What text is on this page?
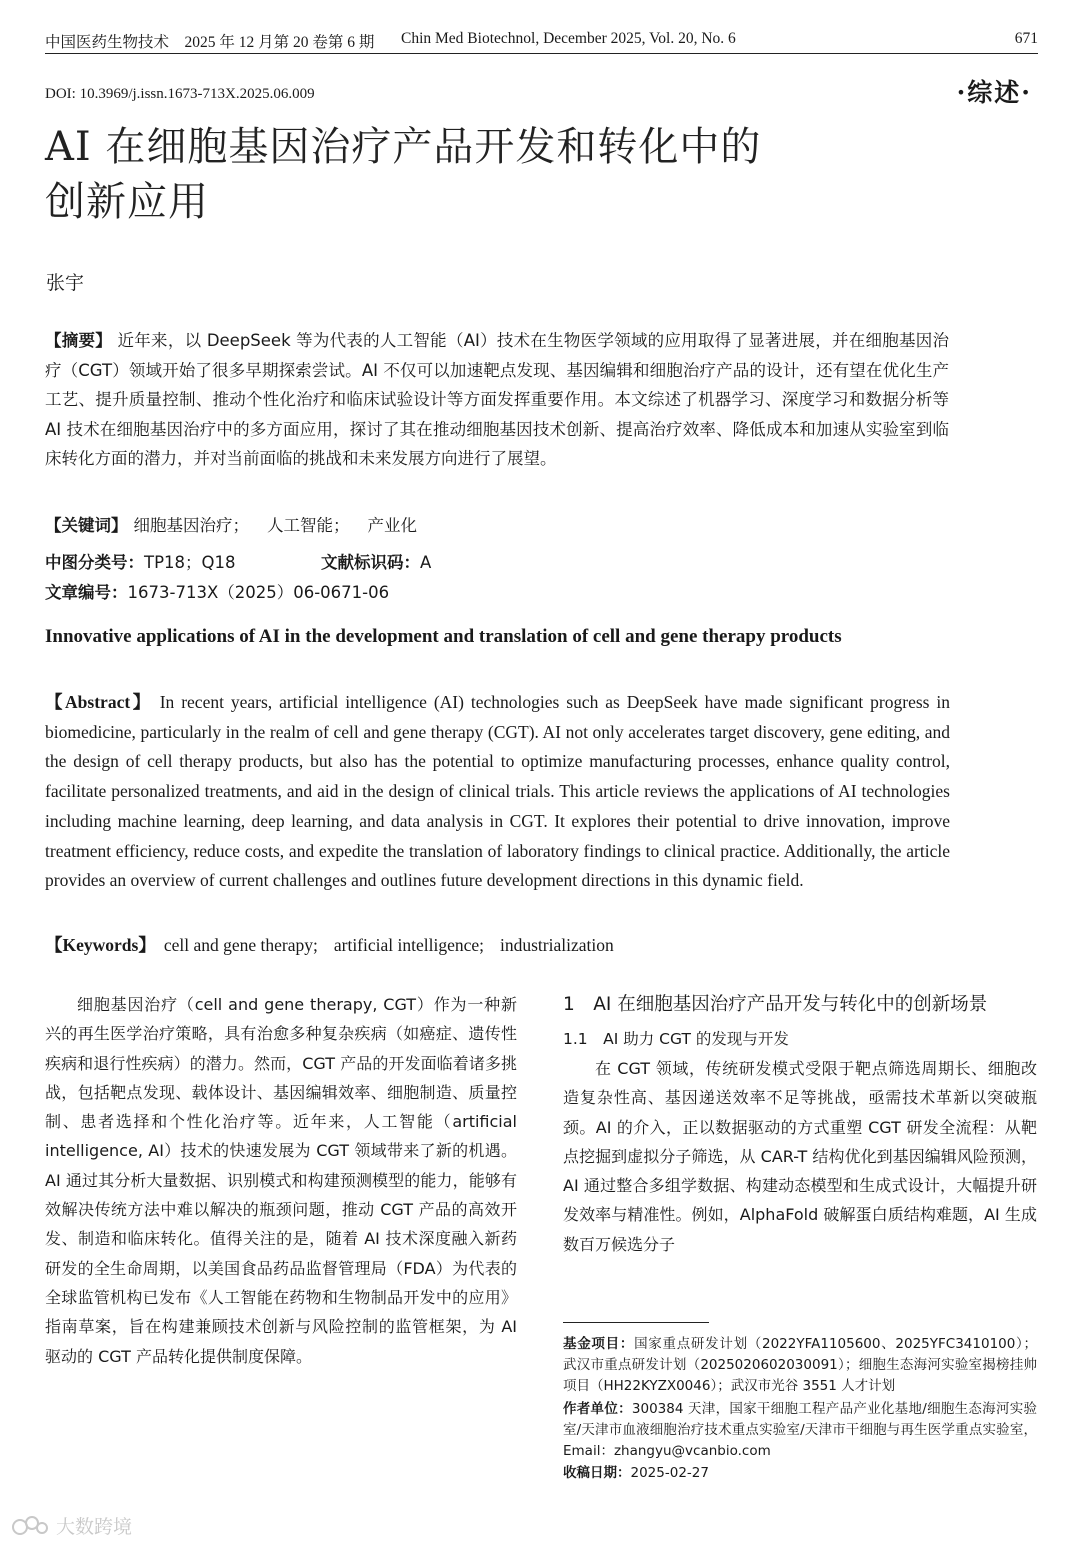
中国医药生物技术　2025 年 12 月第 20 卷第 6 期 Chin Med Biotechnol, December 2025, Vol. 20, No. 6	671
DOI: 10.3969/j.issn.1673-713X.2025.06.009	·综述·
AI 在细胞基因治疗产品开发和转化中的
创新应用
张宇
【摘要】 近年来，以 DeepSeek 等为代表的人工智能（AI）技术在生物医学领域的应用取得了显著进展，并在细胞基因治疗（CGT）领域开始了很多早期探索尝试。AI 不仅可以加速靶点发现、基因编辑和细胞治疗产品的设计，还有望在优化生产工艺、提升质量控制、推动个性化治疗和临床试验设计等方面发挥重要作用。本文综述了机器学习、深度学习和数据分析等 AI 技术在细胞基因治疗中的多方面应用，探讨了其在推动细胞基因技术创新、提高治疗效率、降低成本和加速从实验室到临床转化方面的潜力，并对当前面临的挑战和未来发展方向进行了展望。
【关键词】 细胞基因治疗； 人工智能； 产业化
中图分类号：TP18；Q18	文献标识码：A
文章编号：1673-713X（2025）06-0671-06
Innovative applications of AI in the development and translation of cell and gene therapy products
【Abstract】 In recent years, artificial intelligence (AI) technologies such as DeepSeek have made significant progress in biomedicine, particularly in the realm of cell and gene therapy (CGT). AI not only accelerates target discovery, gene editing, and the design of cell therapy products, but also has the potential to optimize manufacturing processes, enhance quality control, facilitate personalized treatments, and aid in the design of clinical trials. This article reviews the applications of AI technologies including machine learning, deep learning, and data analysis in CGT. It explores their potential to drive innovation, improve treatment efficiency, reduce costs, and expedite the translation of laboratory findings to clinical practice. Additionally, the article provides an overview of current challenges and outlines future development directions in this dynamic field.
【Keywords】 cell and gene therapy; artificial intelligence; industrialization
细胞基因治疗（cell and gene therapy, CGT）作为一种新兴的再生医学治疗策略，具有治愈多种复杂疾病（如癌症、遗传性疾病和退行性疾病）的潜力。然而，CGT 产品的开发面临着诸多挑战，包括靶点发现、载体设计、基因编辑效率、细胞制造、质量控制、患者选择和个性化治疗等。近年来，人工智能（artificial intelligence, AI）技术的快速发展为 CGT 领域带来了新的机遇。AI 通过其分析大量数据、识别模式和构建预测模型的能力，能够有效解决传统方法中难以解决的瓶颈问题，推动 CGT 产品的高效开发、制造和临床转化。值得关注的是，随着 AI 技术深度融入新药研发的全生命周期，以美国食品药品监督管理局（FDA）为代表的全球监管机构已发布《人工智能在药物和生物制品开发中的应用》指南草案，旨在构建兼顾技术创新与风险控制的监管框架，为 AI 驱动的 CGT 产品转化提供制度保障。
1　AI 在细胞基因治疗产品开发与转化中的创新场景
1.1　AI 助力 CGT 的发现与开发
在 CGT 领域，传统研发模式受限于靶点筛选周期长、细胞改造复杂性高、基因递送效率不足等挑战，亟需技术革新以突破瓶颈。AI 的介入，正以数据驱动的方式重塑 CGT 研发全流程：从靶点挖掘到虚拟分子筛选，从 CAR-T 结构优化到基因编辑风险预测，AI 通过整合多组学数据、构建动态模型和生成式设计，大幅提升研发效率与精准性。例如，AlphaFold 破解蛋白质结构难题，AI 生成数百万候选分子

基金项目：国家重点研发计划（2022YFA1105600、2025YFC3410100）；武汉市重点研发计划（2025020602030091）；细胞生态海河实验室揭榜挂帅项目（HH22KYZX0046）；武汉市光谷 3551 人才计划

作者单位：300384 天津，国家干细胞工程产品产业化基地/细胞生态海河实验室/天津市血液细胞治疗技术重点实验室/天津市干细胞与再生医学重点实验室，Email：zhangyu@vcanbio.com

收稿日期：2025-02-27

大数跨境
